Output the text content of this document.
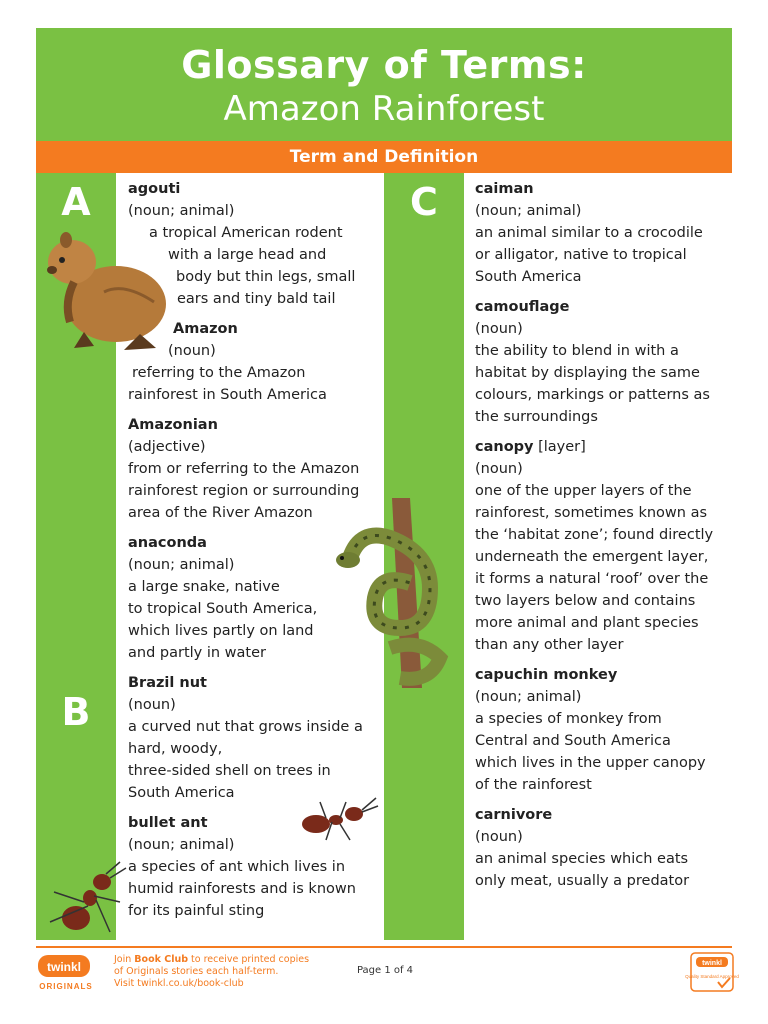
Glossary of Terms:
Amazon Rainforest
Term and Definition
A
B
C
agouti
(noun; animal)
a tropical American rodent
with a large head and
body but thin legs, small
ears and tiny bald tail
Amazon
(noun)
referring to the Amazon
rainforest in South America
Amazonian
(adjective)
from or referring to the Amazon
rainforest region or surrounding
area of the River Amazon
anaconda
(noun; animal)
a large snake, native
to tropical South America,
which lives partly on land
and partly in water
Brazil nut
(noun)
a curved nut that grows inside a
hard, woody,
three-sided shell on trees in
South America
bullet ant
(noun; animal)
a species of ant which lives in
humid rainforests and is known
for its painful sting
caiman
(noun; animal)
an animal similar to a crocodile
or alligator, native to tropical
South America
camouflage
(noun)
the ability to blend in with a
habitat by displaying the same
colours, markings or patterns as
the surroundings
canopy [layer]
(noun)
one of the upper layers of the
rainforest, sometimes known as
the ‘habitat zone’; found directly
underneath the emergent layer,
it forms a natural ‘roof’ over the
two layers below and contains
more animal and plant species
than any other layer
capuchin monkey
(noun; animal)
a species of monkey from
Central and South America
which lives in the upper canopy
of the rainforest
carnivore
(noun)
an animal species which eats
only meat, usually a predator
twinkl
ORIGINALS
Join Book Club to receive printed copies
of Originals stories each half-term.
Visit twinkl.co.uk/book-club
Page 1 of 4
twinkl
Quality Standard Approved
